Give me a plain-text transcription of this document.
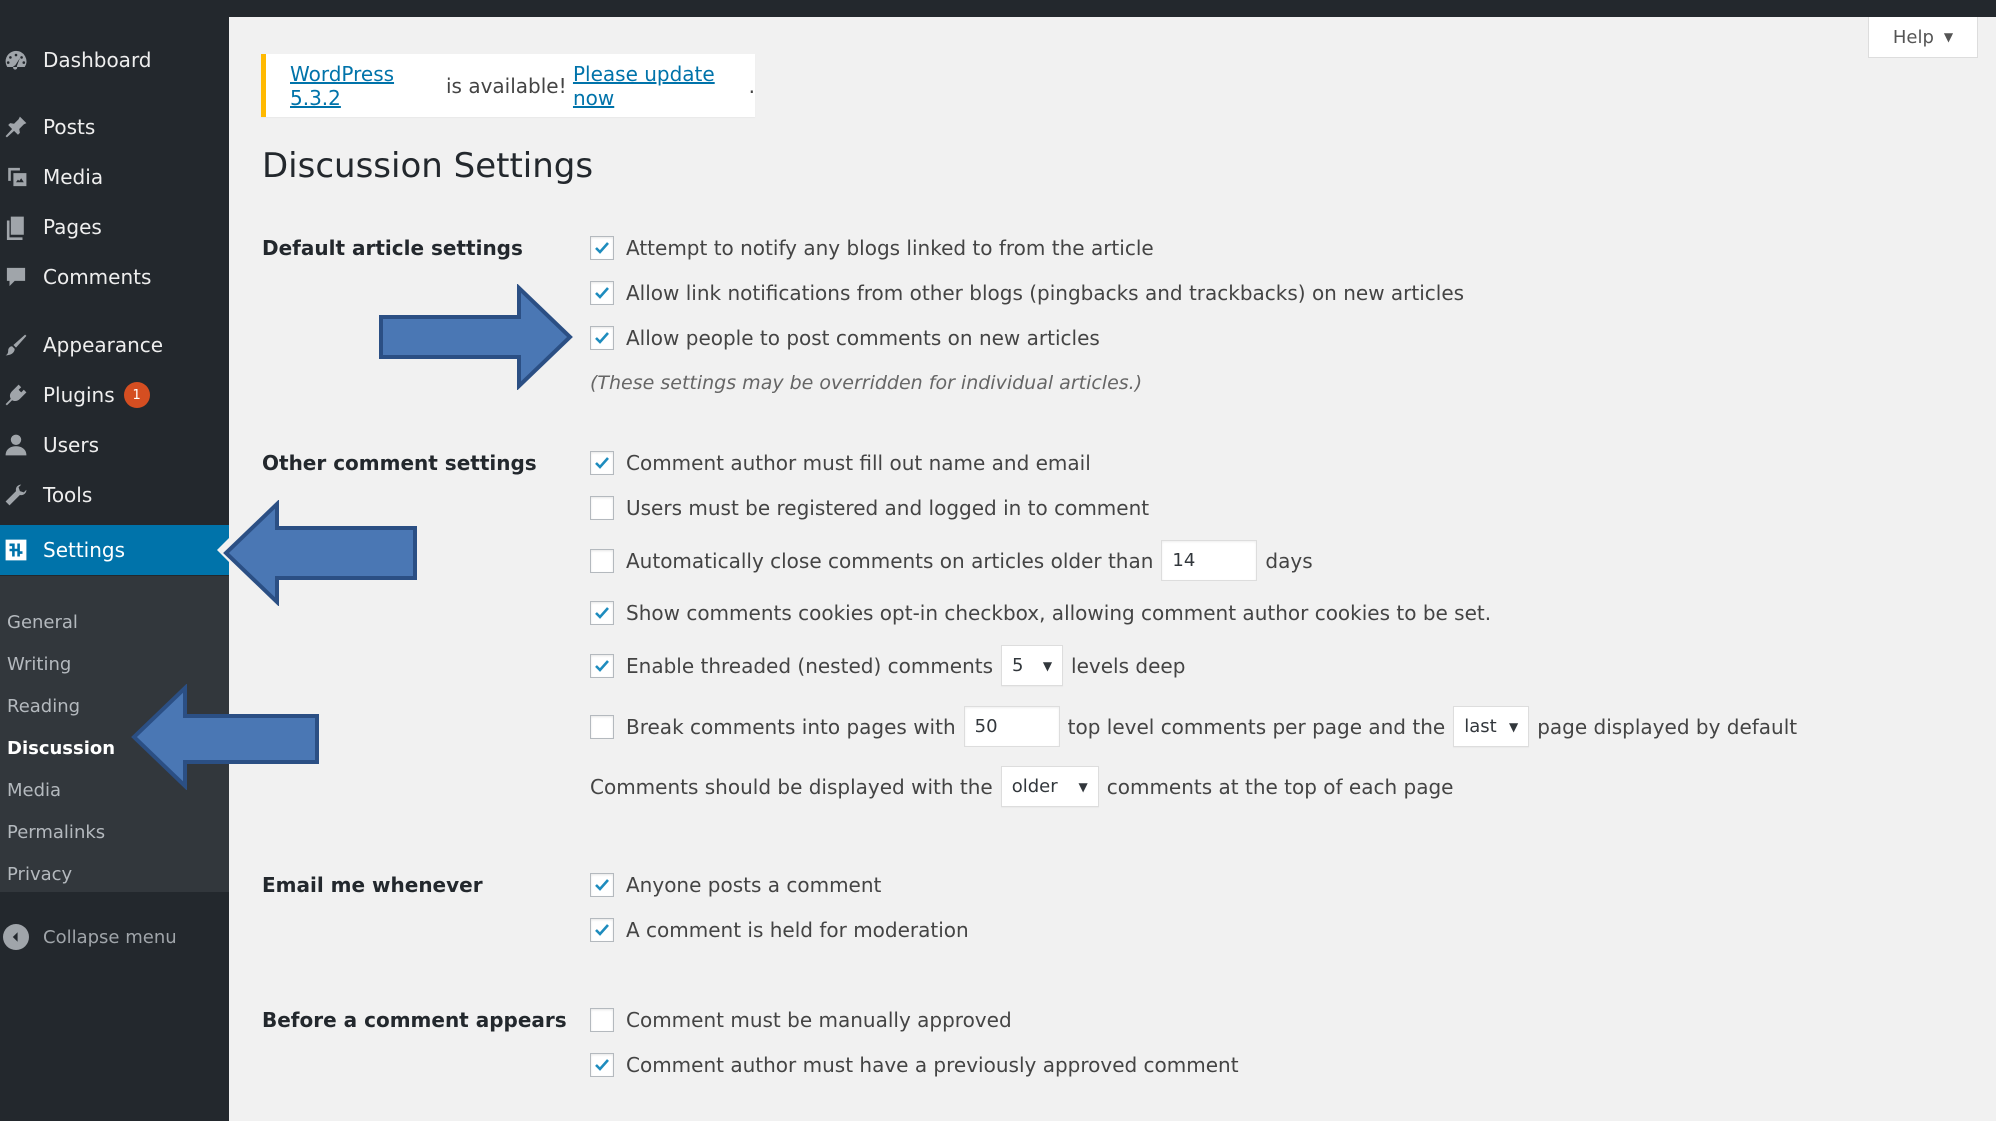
Dashboard
Posts
Media
Pages
Comments
Appearance
Plugins	1
Users
Tools
Settings
General
Writing
Reading
Discussion
Media
Permalinks
Privacy
Collapse menu
Help ▼
WordPress 5.3.2	is available! Please update now	.
Discussion Settings
Default article settings	Attempt to notify any blogs linked to from the article
Allow link notifications from other blogs (pingbacks and trackbacks) on new articles
Allow people to post comments on new articles
(These settings may be overridden for individual articles.)
Other comment settings	Comment author must fill out name and email
Users must be registered and logged in to comment
Automatically close comments on articles older than
14	days
Show comments cookies opt-in checkbox, allowing comment author cookies to be set.
Enable threaded (nested) comments 5 ▼ levels deep
Break comments into pages with
50	top level comments per page and the last ▼ page displayed by default
Comments should be displayed with the older ▼ comments at the top of each page
Email me whenever	Anyone posts a comment
A comment is held for moderation
Before a comment appears	Comment must be manually approved
Comment author must have a previously approved comment
